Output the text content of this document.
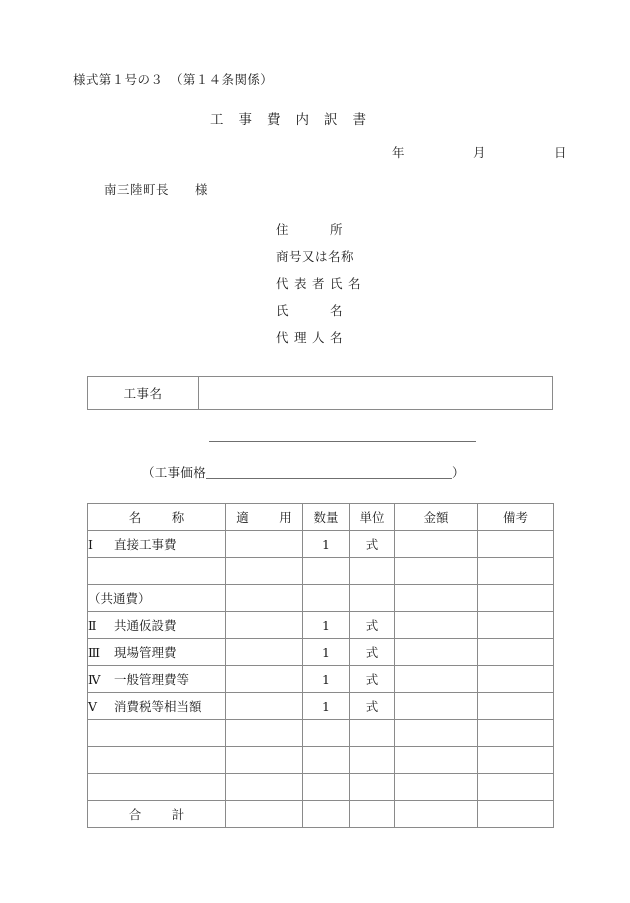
様式第１号の３　（第１４条関係）
工事費内訳書
年　月　日
南三陸町長　　様
住　所
商号又は名称
代表者氏名
氏　名
代理人名
工事名
（工事価格	）
名　称	適　用	数量	単位	金額	備考
Ⅰ 直接工事費		1	式		

（共通費）					
Ⅱ 共通仮設費		1	式		
Ⅲ 現場管理費		1	式		
Ⅳ 一般管理費等		1	式		
Ⅴ 消費税等相当額		1	式		

合　計					
